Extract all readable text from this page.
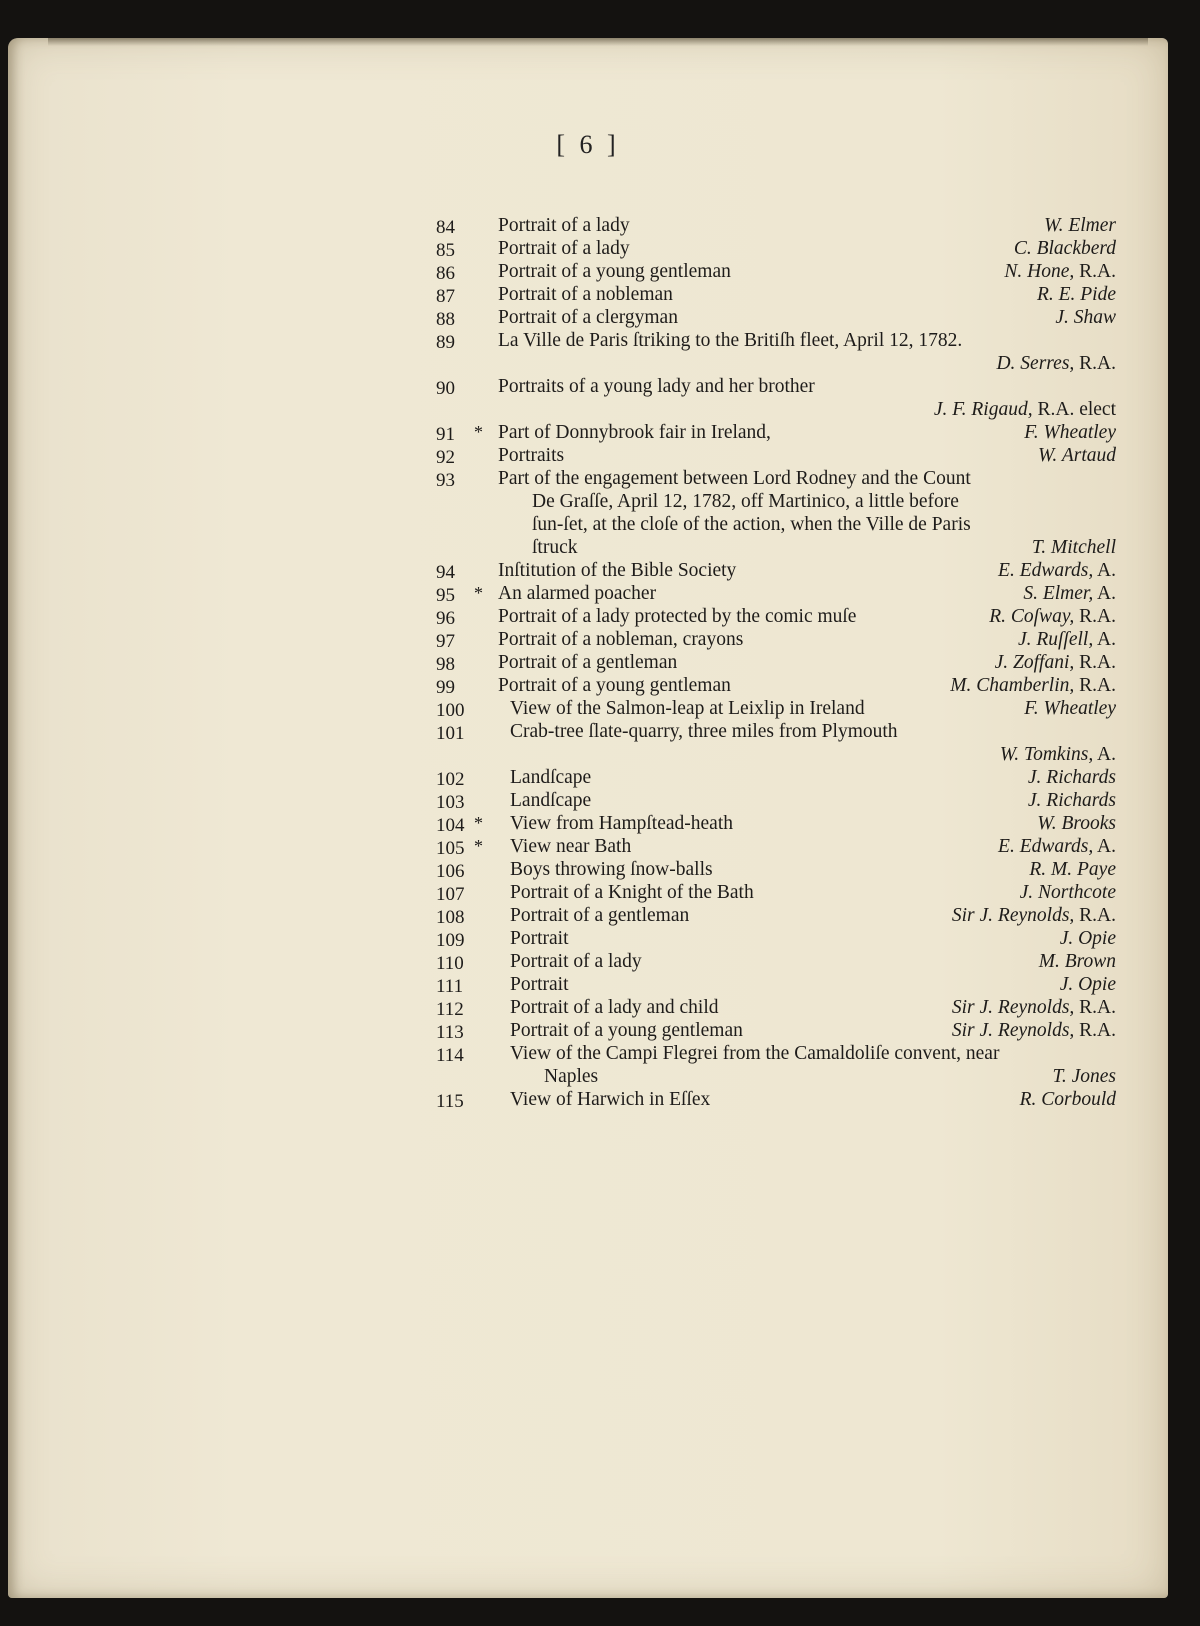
[ 6 ]
84	Portrait of a lady	W. Elmer
85	Portrait of a lady	C. Blackberd
86	Portrait of a young gentleman	N. Hone, R.A.
87	Portrait of a nobleman	R. E. Pide
88	Portrait of a clergyman	J. Shaw
89	La Ville de Paris ſtriking to the Britiſh fleet, April 12, 1782.
D. Serres, R.A.
90	Portraits of a young lady and her brother
J. F. Rigaud, R.A. elect
91	* Part of Donnybrook fair in Ireland,	F. Wheatley
92	Portraits	W. Artaud
93	Part of the engagement between Lord Rodney and the Count
De Graſſe, April 12, 1782, off Martinico, a little before
ſun-ſet, at the cloſe of the action, when the Ville de Paris
ſtruck	T. Mitchell
94	Inſtitution of the Bible Society	E. Edwards, A.
95	* An alarmed poacher	S. Elmer, A.
96	Portrait of a lady protected by the comic muſe	R. Coſway, R.A.
97	Portrait of a nobleman, crayons	J. Ruſſell, A.
98	Portrait of a gentleman	J. Zoffani, R.A.
99	Portrait of a young gentleman	M. Chamberlin, R.A.
100	View of the Salmon-leap at Leixlip in Ireland	F. Wheatley
101	Crab-tree ſlate-quarry, three miles from Plymouth
W. Tomkins, A.
102	Landſcape	J. Richards
103	Landſcape	J. Richards
104 * View from Hampſtead-heath	W. Brooks
105 * View near Bath	E. Edwards, A.
106	Boys throwing ſnow-balls	R. M. Paye
107	Portrait of a Knight of the Bath	J. Northcote
108	Portrait of a gentleman	Sir J. Reynolds, R.A.
109	Portrait	J. Opie
110	Portrait of a lady	M. Brown
111	Portrait	J. Opie
112	Portrait of a lady and child	Sir J. Reynolds, R.A.
113	Portrait of a young gentleman	Sir J. Reynolds, R.A.
114	View of the Campi Flegrei from the Camaldoliſe convent, near
Naples	T. Jones
115	View of Harwich in Eſſex	R. Corbould
